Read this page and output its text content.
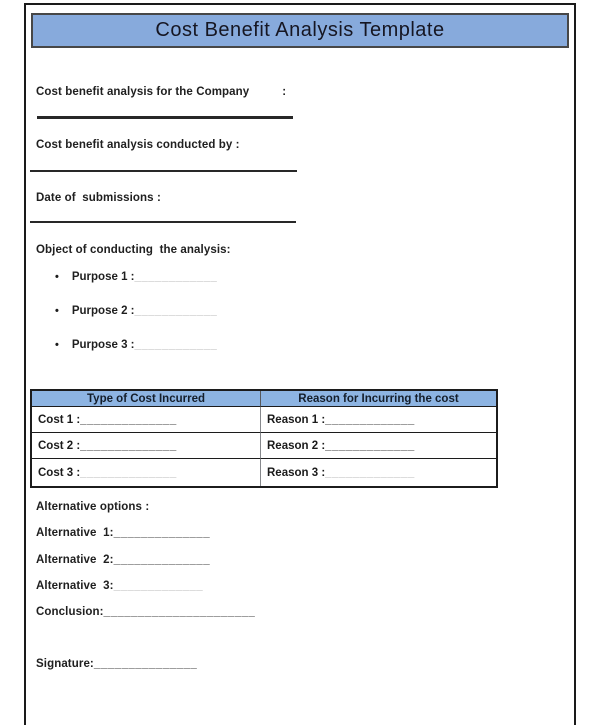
Cost Benefit Analysis Template
Cost benefit analysis for the Company          :
Cost benefit analysis conducted by :
Date of  submissions :
Object of conducting  the analysis:
• Purpose 1 : ____________
• Purpose 2 : ____________
• Purpose 3 : ____________
Type of Cost Incurred	Reason for Incurring the cost
Cost 1 : ______________	Reason 1 : _____________
Cost 2 : ______________	Reason 2 : _____________
Cost 3 : ______________	Reason 3 : _____________
Alternative options :
Alternative  1:______________
Alternative  2:______________
Alternative  3:_____________
Conclusion:______________________
Signature:_______________
